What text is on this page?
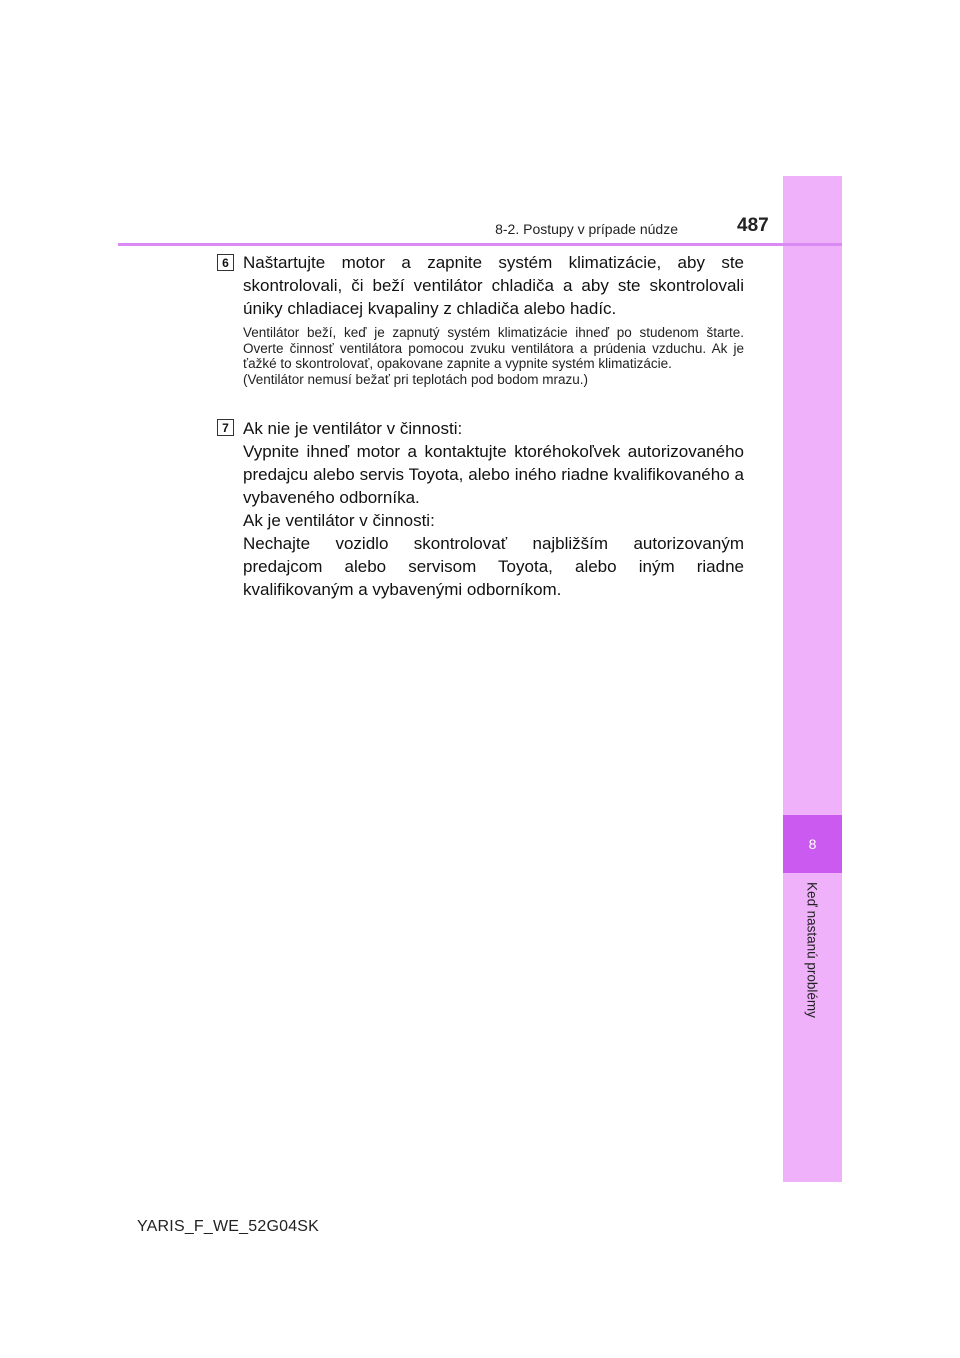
8
Keď nastanú problémy
8-2. Postupy v prípade núdze	487
6 Naštartujte motor a zapnite systém klimatizácie, aby ste skontrolovali, či beží ventilátor chladiča a aby ste skontrolovali úniky chladiacej kvapaliny z chladiča alebo hadíc.

Ventilátor beží, keď je zapnutý systém klimatizácie ihneď po studenom štarte. Overte činnosť ventilátora pomocou zvuku ventilátora a prúdenia vzduchu. Ak je ťažké to skontrolovať, opakovane zapnite a vypnite systém klimatizácie.
(Ventilátor nemusí bežať pri teplotách pod bodom mrazu.)

7 Ak nie je ventilátor v činnosti:
Vypnite ihneď motor a kontaktujte ktoréhokoľvek autorizovaného predajcu alebo servis Toyota, alebo iného riadne kvalifikovaného a vybaveného odborníka.

Ak je ventilátor v činnosti:
Nechajte vozidlo skontrolovať najbližším autorizovaným predajcom alebo servisom Toyota, alebo iným riadne kvalifikovaným a vybavenými odborníkom.

YARIS_F_WE_52G04SK
